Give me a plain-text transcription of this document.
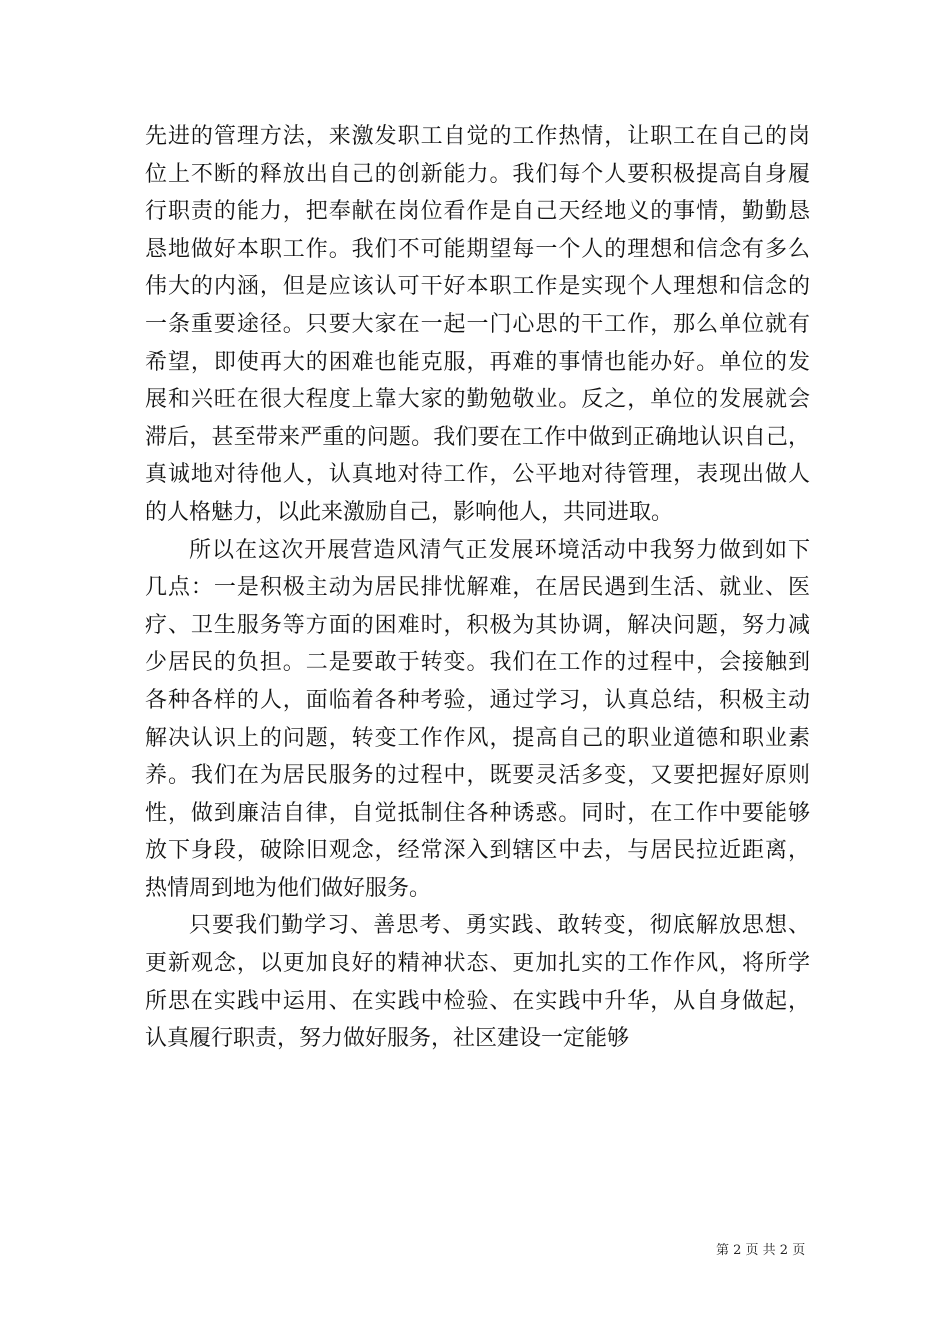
先进的管理方法，来激发职工自觉的工作热情，让职工在自己的岗
位上不断的释放出自己的创新能力。我们每个人要积极提高自身履
行职责的能力，把奉献在岗位看作是自己天经地义的事情，勤勤恳
恳地做好本职工作。我们不可能期望每一个人的理想和信念有多么
伟大的内涵，但是应该认可干好本职工作是实现个人理想和信念的
一条重要途径。只要大家在一起一门心思的干工作，那么单位就有
希望，即使再大的困难也能克服，再难的事情也能办好。单位的发
展和兴旺在很大程度上靠大家的勤勉敬业。反之，单位的发展就会
滞后，甚至带来严重的问题。我们要在工作中做到正确地认识自己，
真诚地对待他人，认真地对待工作，公平地对待管理，表现出做人
的人格魅力，以此来激励自己，影响他人，共同进取。
所以在这次开展营造风清气正发展环境活动中我努力做到如下
几点：一是积极主动为居民排忧解难，在居民遇到生活、就业、医
疗、卫生服务等方面的困难时，积极为其协调，解决问题，努力减
少居民的负担。二是要敢于转变。我们在工作的过程中，会接触到
各种各样的人，面临着各种考验，通过学习，认真总结，积极主动
解决认识上的问题，转变工作作风，提高自己的职业道德和职业素
养。我们在为居民服务的过程中，既要灵活多变，又要把握好原则
性，做到廉洁自律，自觉抵制住各种诱惑。同时，在工作中要能够
放下身段，破除旧观念，经常深入到辖区中去，与居民拉近距离，
热情周到地为他们做好服务。
只要我们勤学习、善思考、勇实践、敢转变，彻底解放思想、
更新观念，以更加良好的精神状态、更加扎实的工作作风，将所学
所思在实践中运用、在实践中检验、在实践中升华，从自身做起，
认真履行职责，努力做好服务，社区建设一定能够
第 2 页 共 2 页
